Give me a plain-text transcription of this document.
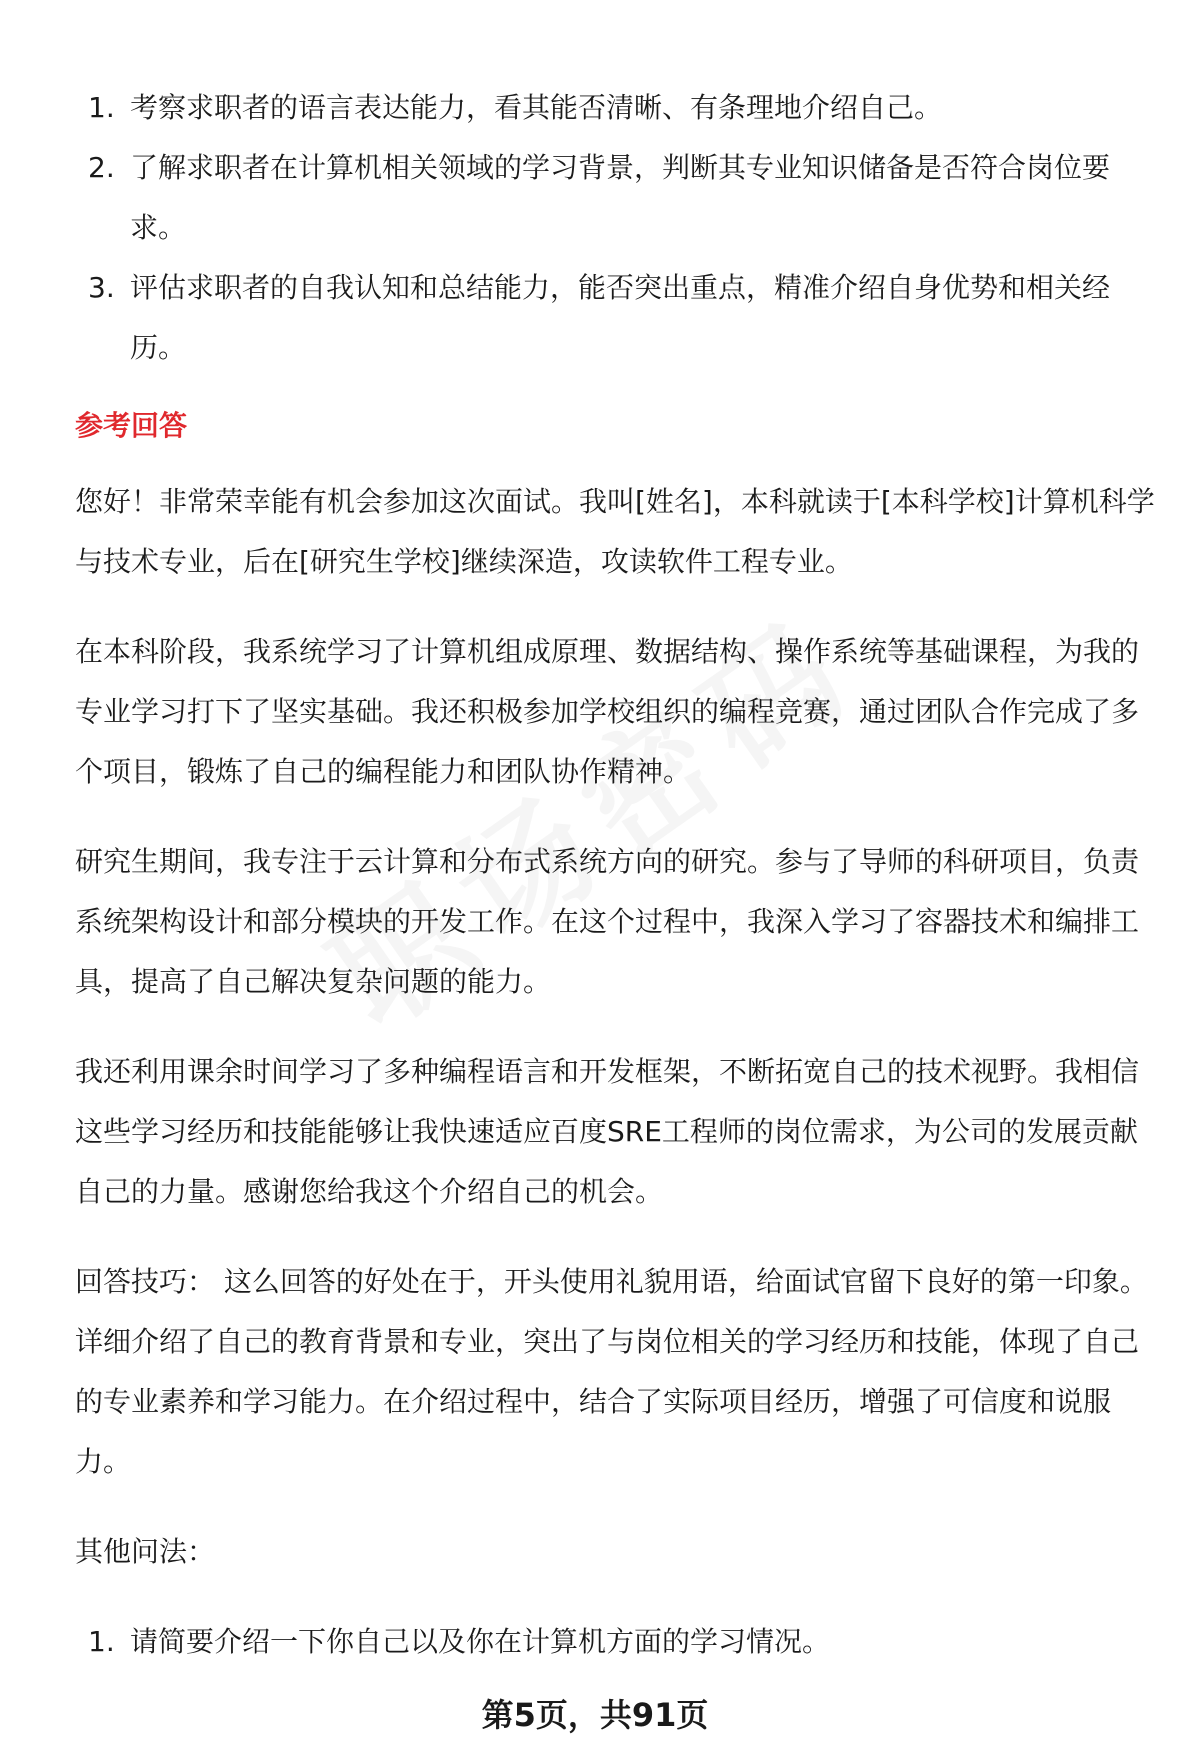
1. 考察求职者的语言表达能力，看其能否清晰、有条理地介绍自己。
2. 了解求职者在计算机相关领域的学习背景，判断其专业知识储备是否符合岗位要求。
3. 评估求职者的自我认知和总结能力，能否突出重点，精准介绍自身优势和相关经历。
参考回答

您好！非常荣幸能有机会参加这次面试。我叫[姓名]，本科就读于[本科学校]计算机科学与技术专业，后在[研究生学校]继续深造，攻读软件工程专业。

在本科阶段，我系统学习了计算机组成原理、数据结构、操作系统等基础课程，为我的专业学习打下了坚实基础。我还积极参加学校组织的编程竞赛，通过团队合作完成了多个项目，锻炼了自己的编程能力和团队协作精神。

研究生期间，我专注于云计算和分布式系统方向的研究。参与了导师的科研项目，负责系统架构设计和部分模块的开发工作。在这个过程中，我深入学习了容器技术和编排工具，提高了自己解决复杂问题的能力。

我还利用课余时间学习了多种编程语言和开发框架，不断拓宽自己的技术视野。我相信这些学习经历和技能能够让我快速适应百度SRE工程师的岗位需求，为公司的发展贡献自己的力量。感谢您给我这个介绍自己的机会。

回答技巧： 这么回答的好处在于，开头使用礼貌用语，给面试官留下良好的第一印象。详细介绍了自己的教育背景和专业，突出了与岗位相关的学习经历和技能，体现了自己的专业素养和学习能力。在介绍过程中，结合了实际项目经历，增强了可信度和说服力。

其他问法：

1. 请简要介绍一下你自己以及你在计算机方面的学习情况。
第5页，共91页
